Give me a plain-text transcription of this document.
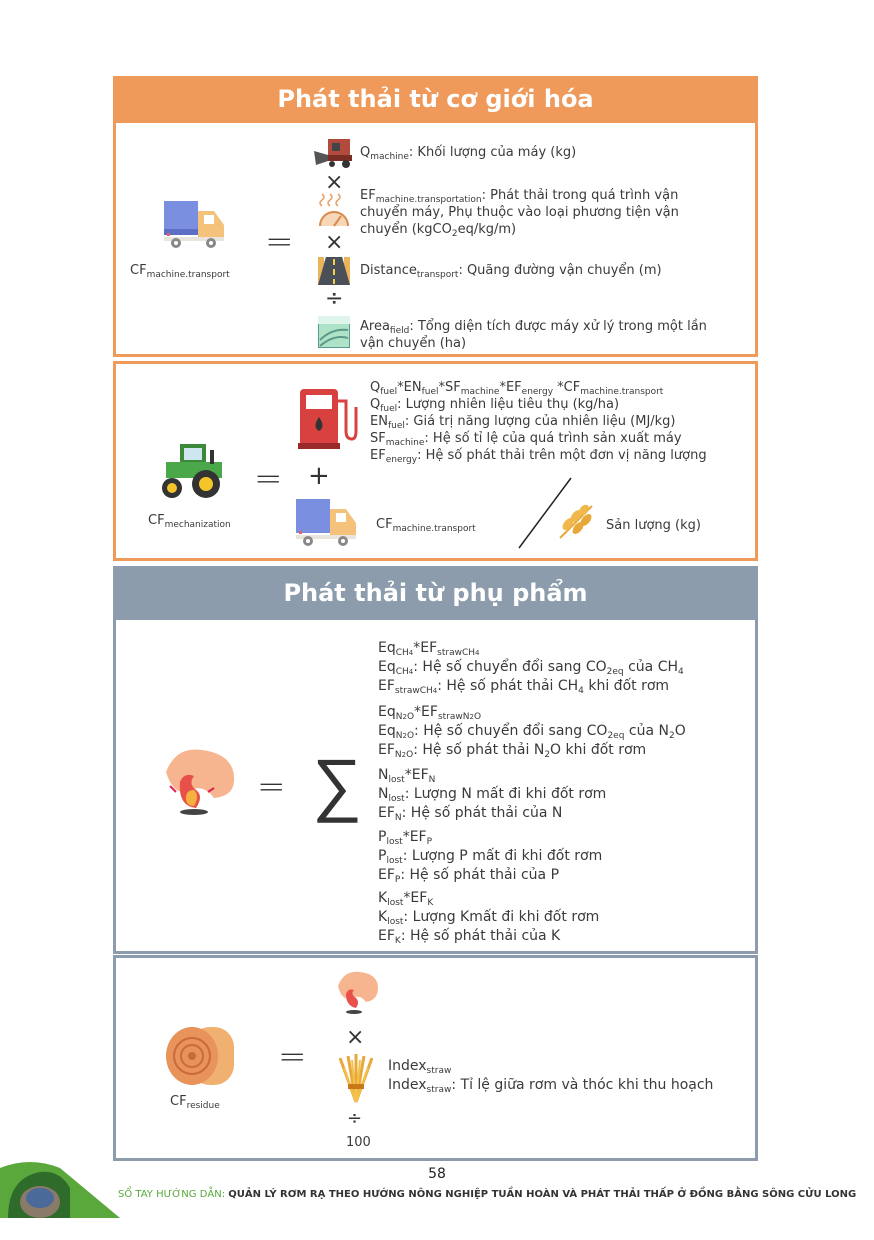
Phát thải từ cơ giới hóa
$CF_{machine.transport}$
=
$Q_{machine}$: Khối lượng của máy (kg)
×
$EF_{machine.transportation}$: Phát thải trong quá trình vận
chuyển máy, Phụ thuộc vào loại phương tiện vận
chuyển (kgCO$_2$eq/kg/m)
×
Distance$_{transport}$: Quãng đường vận chuyển (m)
÷
Area$_{field}$: Tổng diện tích được máy xử lý trong một lần
vận chuyển (ha)
$CF_{mechanization}$
= +
$Q_{fuel}*EN_{fuel}*SF_{machine}*EF_{energy}$ $*CF_{machine.transport}$
$Q_{fuel}$: Lượng nhiên liệu tiêu thụ (kg/ha)
$EN_{fuel}$: Giá trị năng lượng của nhiên liệu (MJ/kg)
$SF_{machine}$: Hệ số tỉ lệ của quá trình sản xuất máy
$EF_{energy}$: Hệ số phát thải trên một đơn vị năng lượng
$CF_{machine.transport}$	Sản lượng (kg)
Phát thải từ phụ phẩm
= ∑
$Eq_{CH4}*EF_{strawCH4}$
$Eq_{CH4}$: Hệ số chuyển đổi sang $CO_{2eq}$ của $CH_4$
$EF_{strawCH4}$: Hệ số phát thải $CH_4$ khi đốt rơm
$Eq_{N2O}*EF_{strawN2O}$
$Eq_{N2O}$: Hệ số chuyển đổi sang $CO_{2eq}$ của $N_2O$
$EF_{N2O}$: Hệ số phát thải $N_2O$ khi đốt rơm
$N_{lost}*EF_N$
$N_{lost}$: Lượng N mất đi khi đốt rơm
$EF_N$: Hệ số phát thải của N
$P_{lost}*EF_P$
$P_{lost}$: Lượng P mất đi khi đốt rơm
$EF_P$: Hệ số phát thải của P
$K_{lost}*EF_K$
$K_{lost}$: Lượng Kmất đi khi đốt rơm
$EF_K$: Hệ số phát thải của K
$CF_{residue}$
= ×
÷
100
Index$_{straw}$
Index$_{straw}$: Tỉ lệ giữa rơm và thóc khi thu hoạch
58
SỔ TAY HƯỚNG DẪN: QUẢN LÝ RƠM RẠ THEO HƯỚNG NÔNG NGHIỆP TUẦN HOÀN VÀ PHÁT THẢI THẤP Ở ĐỒNG BẰNG SÔNG CỬU LONG
